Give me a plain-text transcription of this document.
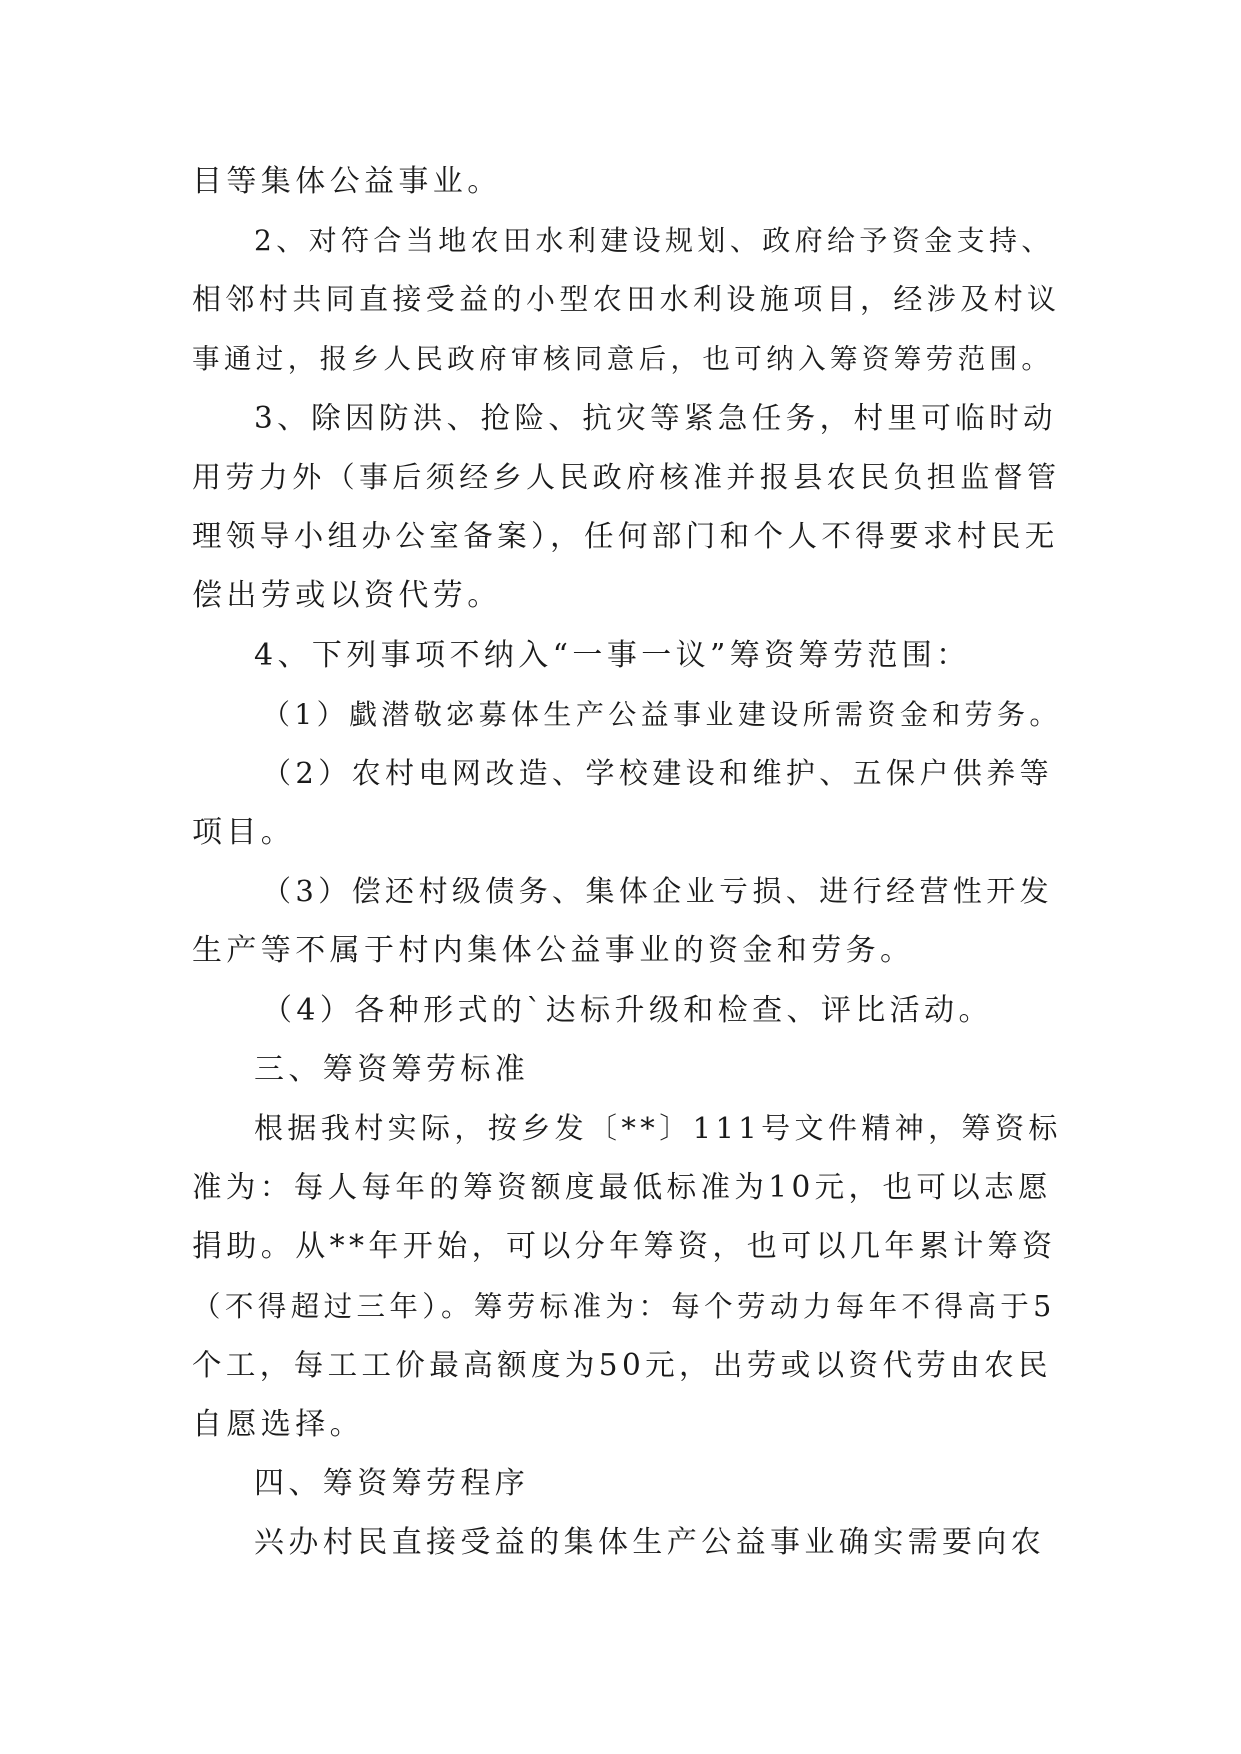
目等集体公益事业。
2、对符合当地农田水利建设规划、政府给予资金支持、
相邻村共同直接受益的小型农田水利设施项目，经涉及村议
事通过，报乡人民政府审核同意后，也可纳入筹资筹劳范围。
3、除因防洪、抢险、抗灾等紧急任务，村里可临时动
用劳力外（事后须经乡人民政府核准并报县农民负担监督管
理领导小组办公室备案），任何部门和个人不得要求村民无
偿出劳或以资代劳。
4、下列事项不纳入“一事一议”筹资筹劳范围：
（1）戱潜敬宓募体生产公益事业建设所需资金和劳务。
（2）农村电网改造、学校建设和维护、五保户供养等
项目。
（3）偿还村级债务、集体企业亏损、进行经营性开发
生产等不属于村内集体公益事业的资金和劳务。
（4）各种形式的`达标升级和检查、评比活动。
三、筹资筹劳标准
根据我村实际，按乡发〔**〕111号文件精神，筹资标
准为：每人每年的筹资额度最低标准为10元，也可以志愿
捐助。从**年开始，可以分年筹资，也可以几年累计筹资
（不得超过三年）。筹劳标准为：每个劳动力每年不得高于5
个工，每工工价最高额度为50元，出劳或以资代劳由农民
自愿选择。
四、筹资筹劳程序
兴办村民直接受益的集体生产公益事业确实需要向农
